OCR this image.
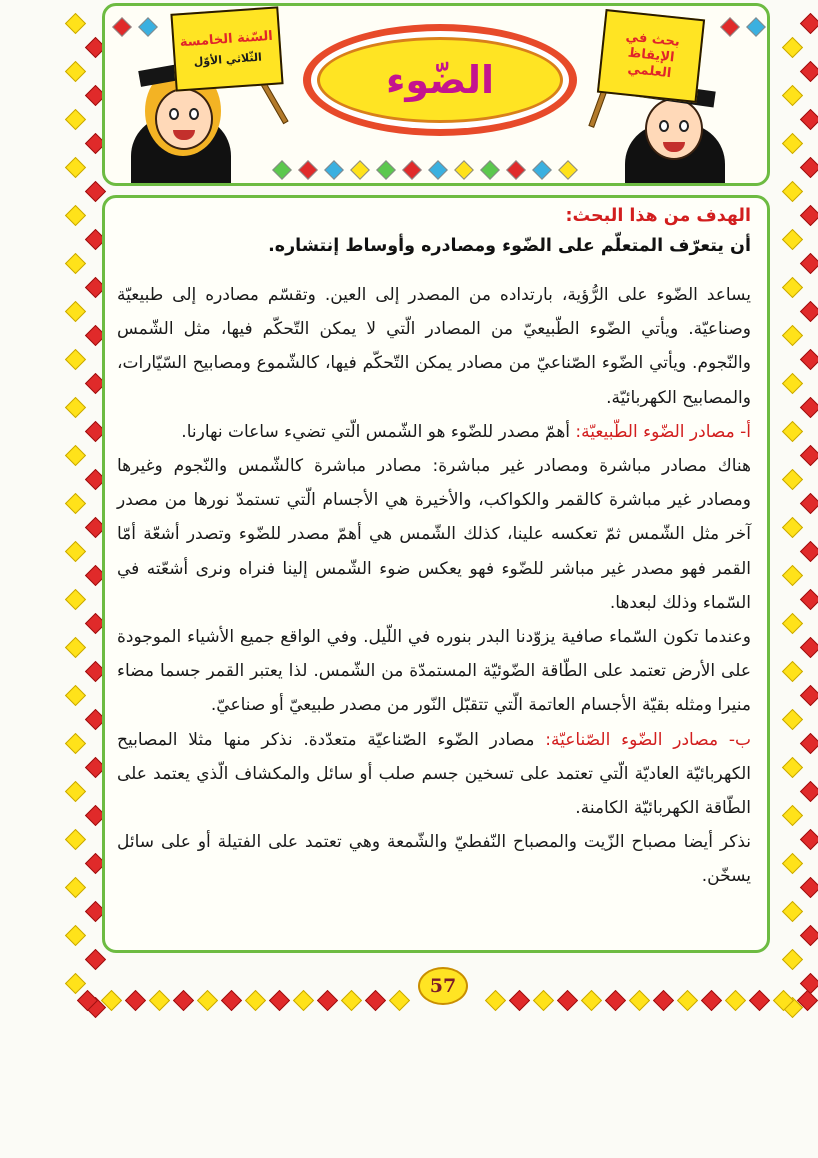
السّنة الخامسة
الثّلاثي الأوّل	الضّوء
بحث في
الإيقاظ
العلمي
الهدف من هذا البحث:
أن يتعرّف المتعلّم على الضّوء ومصادره وأوساط إنتشاره.

يساعد الضّوء على الرُّؤية، بارتداده من المصدر إلى العين. وتقسّم مصادره إلى طبيعيّة وصناعيّة. ويأتي الضّوء الطّبيعيّ من المصادر الّتي لا يمكن التّحكّم فيها، مثل الشّمس والنّجوم. ويأتي الضّوء الصّناعيّ من مصادر يمكن التّحكّم فيها، كالشّموع ومصابيح السّيّارات، والمصابيح الكهربائيّة.

أ- مصادر الضّوء الطّبيعيّة: أهمّ مصدر للضّوء هو الشّمس الّتي تضيء ساعات نهارنا.

هناك مصادر مباشرة ومصادر غير مباشرة: مصادر مباشرة كالشّمس والنّجوم وغيرها ومصادر غير مباشرة كالقمر والكواكب، والأخيرة هي الأجسام الّتي تستمدّ نورها من مصدر آخر مثل الشّمس ثمّ تعكسه علينا، كذلك الشّمس هي أهمّ مصدر للضّوء وتصدر أشعّة أمّا القمر فهو مصدر غير مباشر للضّوء فهو يعكس ضوء الشّمس إلينا فنراه ونرى أشعّته في السّماء وذلك لبعدها.

وعندما تكون السّماء صافية يزوّدنا البدر بنوره في اللّيل. وفي الواقع جميع الأشياء الموجودة على الأرض تعتمد على الطّاقة الضّوئيّة المستمدّة من الشّمس. لذا يعتبر القمر جسما مضاء منيرا ومثله بقيّة الأجسام العاتمة الّتي تتقبّل النّور من مصدر طبيعيّ أو صناعيّ.

ب- مصادر الضّوء الصّناعيّة: مصادر الضّوء الصّناعيّة متعدّدة. نذكر منها مثلا المصابيح الكهربائيّة العاديّة الّتي تعتمد على تسخين جسم صلب أو سائل والمكشاف الّذي يعتمد على الطّاقة الكهربائيّة الكامنة.

نذكر أيضا مصباح الزّيت والمصباح النّفطيّ والشّمعة وهي تعتمد على الفتيلة أو على سائل يسخّن.

57
